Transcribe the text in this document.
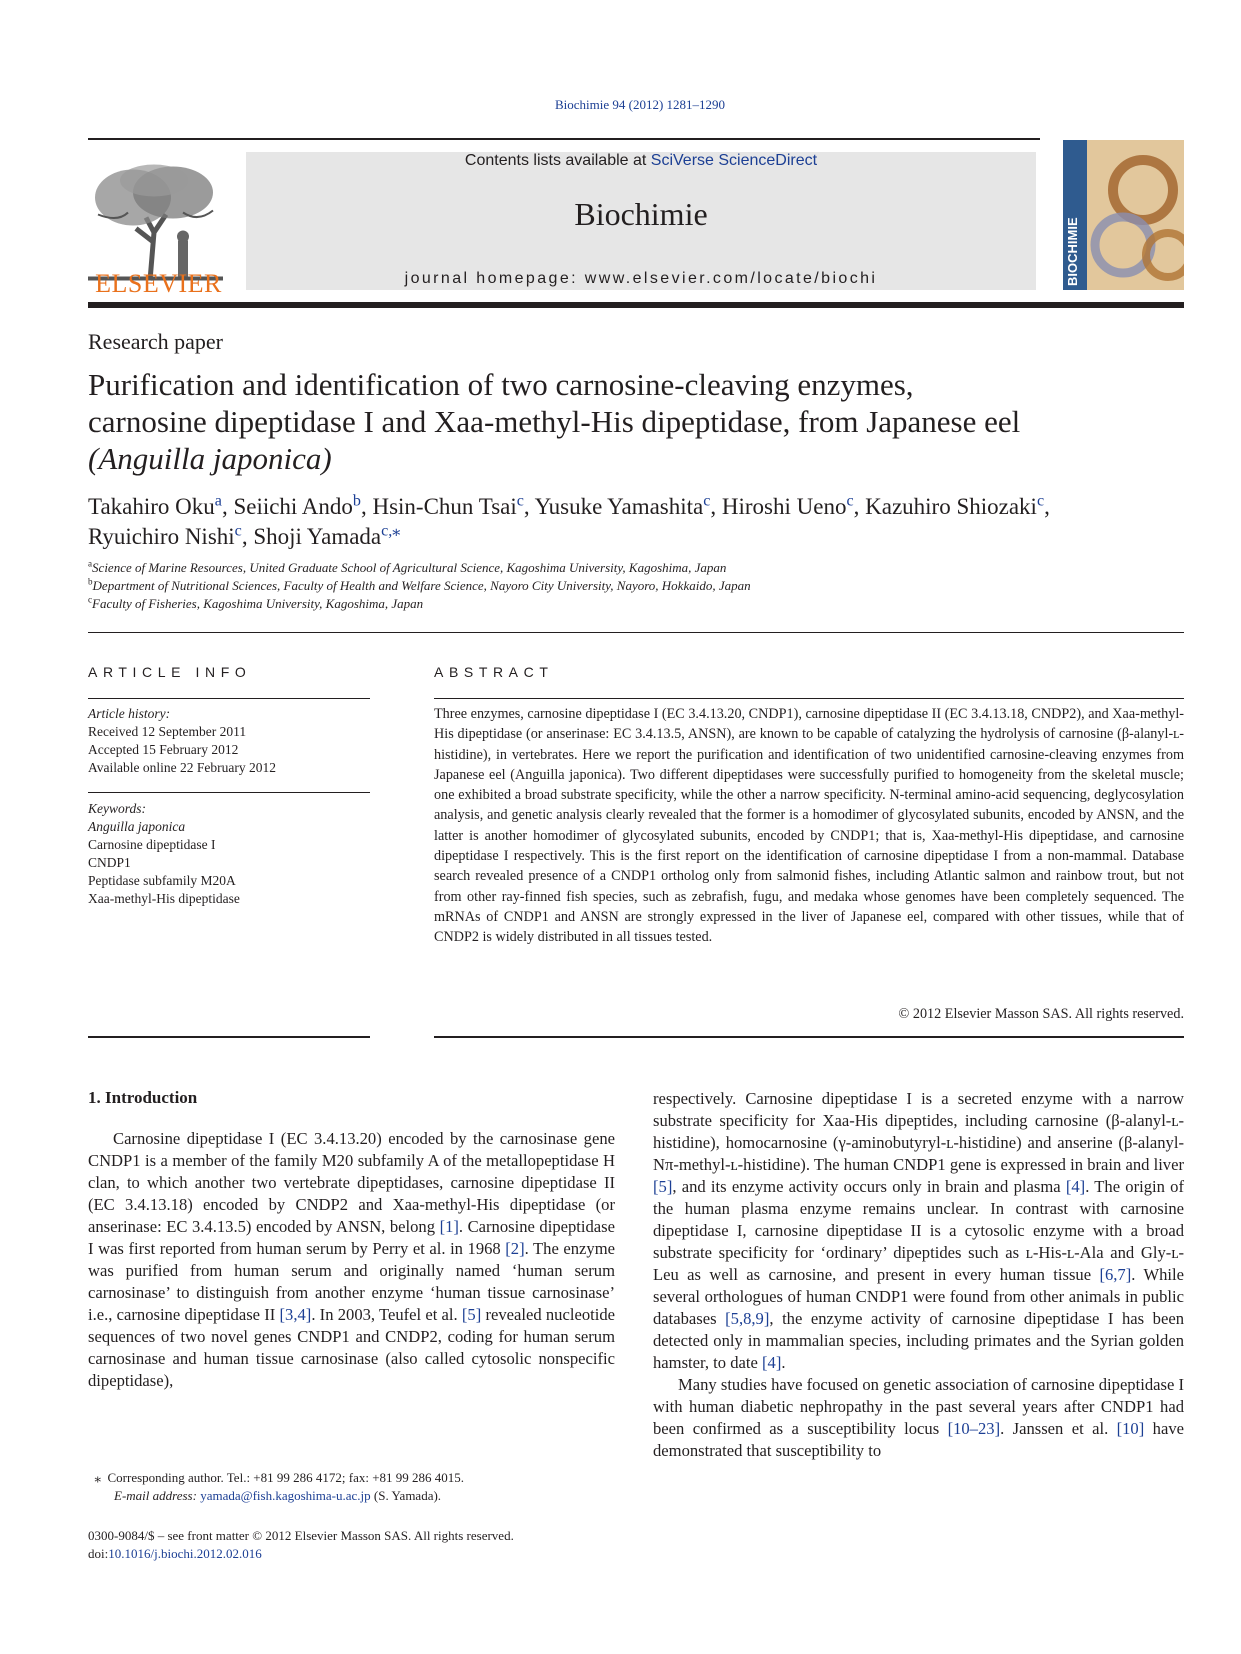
Biochimie 94 (2012) 1281–1290
ELSEVIER
Contents lists available at SciVerse ScienceDirect
Biochimie
journal homepage: www.elsevier.com/locate/biochi	BIOCHIMIE
Research paper
Purification and identification of two carnosine-cleaving enzymes,
carnosine dipeptidase I and Xaa-methyl-His dipeptidase, from Japanese eel
(Anguilla japonica)
Takahiro Oku$^a$, Seiichi Ando$^b$, Hsin-Chun Tsai$^c$, Yusuke Yamashita$^c$, Hiroshi Ueno$^c$, Kazuhiro Shiozaki$^c$,
Ryuichiro Nishi$^c$, Shoji Yamada$^{c,⁎}$
$^a$Science of Marine Resources, United Graduate School of Agricultural Science, Kagoshima University, Kagoshima, Japan
$^b$Department of Nutritional Sciences, Faculty of Health and Welfare Science, Nayoro City University, Nayoro, Hokkaido, Japan
$^c$Faculty of Fisheries, Kagoshima University, Kagoshima, Japan
ARTICLE INFO
Article history:
Received 12 September 2011
Accepted 15 February 2012
Available online 22 February 2012
Keywords:
Anguilla japonica
Carnosine dipeptidase I
CNDP1
Peptidase subfamily M20A
Xaa-methyl-His dipeptidase
ABSTRACT
Three enzymes, carnosine dipeptidase I (EC 3.4.13.20, CNDP1), carnosine dipeptidase II (EC 3.4.13.18, CNDP2), and Xaa-methyl-His dipeptidase (or anserinase: EC 3.4.13.5, ANSN), are known to be capable of catalyzing the hydrolysis of carnosine (β-alanyl-ʟ-histidine), in vertebrates. Here we report the purification and identification of two unidentified carnosine-cleaving enzymes from Japanese eel (Anguilla japonica). Two different dipeptidases were successfully purified to homogeneity from the skeletal muscle; one exhibited a broad substrate specificity, while the other a narrow specificity. N-terminal amino-acid sequencing, deglycosylation analysis, and genetic analysis clearly revealed that the former is a homodimer of glycosylated subunits, encoded by ANSN, and the latter is another homodimer of glycosylated subunits, encoded by CNDP1; that is, Xaa-methyl-His dipeptidase, and carnosine dipeptidase I respectively. This is the first report on the identification of carnosine dipeptidase I from a non-mammal. Database search revealed presence of a CNDP1 ortholog only from salmonid fishes, including Atlantic salmon and rainbow trout, but not from other ray-finned fish species, such as zebrafish, fugu, and medaka whose genomes have been completely sequenced. The mRNAs of CNDP1 and ANSN are strongly expressed in the liver of Japanese eel, compared with other tissues, while that of CNDP2 is widely distributed in all tissues tested.
© 2012 Elsevier Masson SAS. All rights reserved.
1. Introduction

Carnosine dipeptidase I (EC 3.4.13.20) encoded by the carnosinase gene CNDP1 is a member of the family M20 subfamily A of the metallopeptidase H clan, to which another two vertebrate dipeptidases, carnosine dipeptidase II (EC 3.4.13.18) encoded by CNDP2 and Xaa-methyl-His dipeptidase (or anserinase: EC 3.4.13.5) encoded by ANSN, belong [1]. Carnosine dipeptidase I was first reported from human serum by Perry et al. in 1968 [2]. The enzyme was purified from human serum and originally named ‘human serum carnosinase’ to distinguish from another enzyme ‘human tissue carnosinase’ i.e., carnosine dipeptidase II [3,4]. In 2003, Teufel et al. [5] revealed nucleotide sequences of two novel genes CNDP1 and CNDP2, coding for human serum carnosinase and human tissue carnosinase (also called cytosolic nonspecific dipeptidase),

respectively. Carnosine dipeptidase I is a secreted enzyme with a narrow substrate specificity for Xaa-His dipeptides, including carnosine (β-alanyl-ʟ-histidine), homocarnosine (γ-aminobutyryl-ʟ-histidine) and anserine (β-alanyl-Nπ-methyl-ʟ-histidine). The human CNDP1 gene is expressed in brain and liver [5], and its enzyme activity occurs only in brain and plasma [4]. The origin of the human plasma enzyme remains unclear. In contrast with carnosine dipeptidase I, carnosine dipeptidase II is a cytosolic enzyme with a broad substrate specificity for ‘ordinary’ dipeptides such as ʟ-His-ʟ-Ala and Gly-ʟ-Leu as well as carnosine, and present in every human tissue [6,7]. While several orthologues of human CNDP1 were found from other animals in public databases [5,8,9], the enzyme activity of carnosine dipeptidase I has been detected only in mammalian species, including primates and the Syrian golden hamster, to date [4].

Many studies have focused on genetic association of carnosine dipeptidase I with human diabetic nephropathy in the past several years after CNDP1 had been confirmed as a susceptibility locus [10–23]. Janssen et al. [10] have demonstrated that susceptibility to

⁎ Corresponding author. Tel.: +81 99 286 4172; fax: +81 99 286 4015.
E-mail address: yamada@fish.kagoshima-u.ac.jp (S. Yamada).
0300-9084/$ – see front matter © 2012 Elsevier Masson SAS. All rights reserved.
doi:10.1016/j.biochi.2012.02.016
